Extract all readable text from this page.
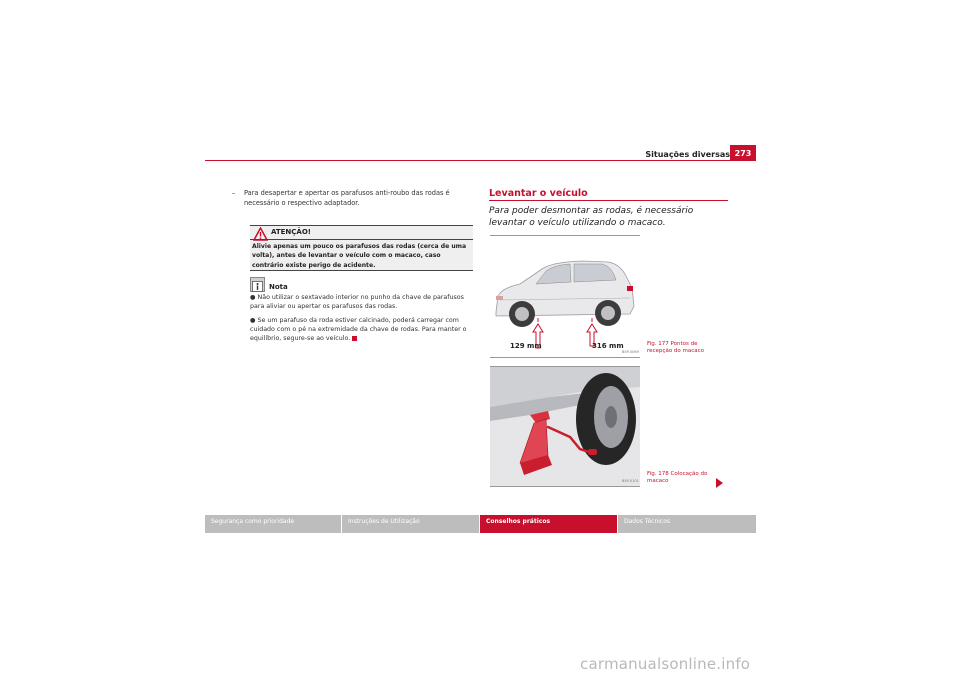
Situações diversas 273
– Para desapertar e apertar os parafusos anti-roubo das rodas é necessário o respectivo adaptador.
ATENÇÃO!
Alivie apenas um pouco os parafusos das rodas (cerca de uma volta), antes de levantar o veículo com o macaco, caso contrário existe perigo de acidente.
Nota
● Não utilizar o sextavado interior no punho da chave de parafusos para aliviar ou apertar os parafusos das rodas.
● Se um parafuso da roda estiver calcinado, poderá carregar com cuidado com o pé na extremidade da chave de rodas. Para manter o equilíbrio, segure-se ao veículo.
Levantar o veículo
Para poder desmontar as rodas, é necessário levantar o veículo utilizando o macaco.
129 mm	316 mm
B5P-0069
Fig. 177 Pontos de recepção do macaco
B5P-0101
Fig. 178 Colocação do macaco
Segurança como prioridade	Instruções de Utilização	Conselhos práticos	Dados Técnicos
carmanualsonline.info
